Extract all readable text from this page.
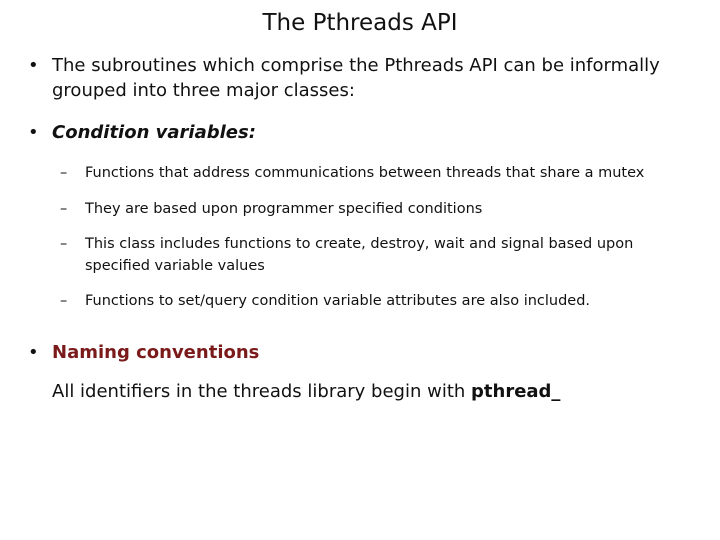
The Pthreads API
• The subroutines which comprise the Pthreads API can be informally grouped into three major classes:
• Condition variables:
– Functions that address communications between threads that share a mutex
– They are based upon programmer specified conditions
– This class includes functions to create, destroy, wait and signal based upon specified variable values
– Functions to set/query condition variable attributes are also included.
• Naming conventions
All identifiers in the threads library begin with pthread_
